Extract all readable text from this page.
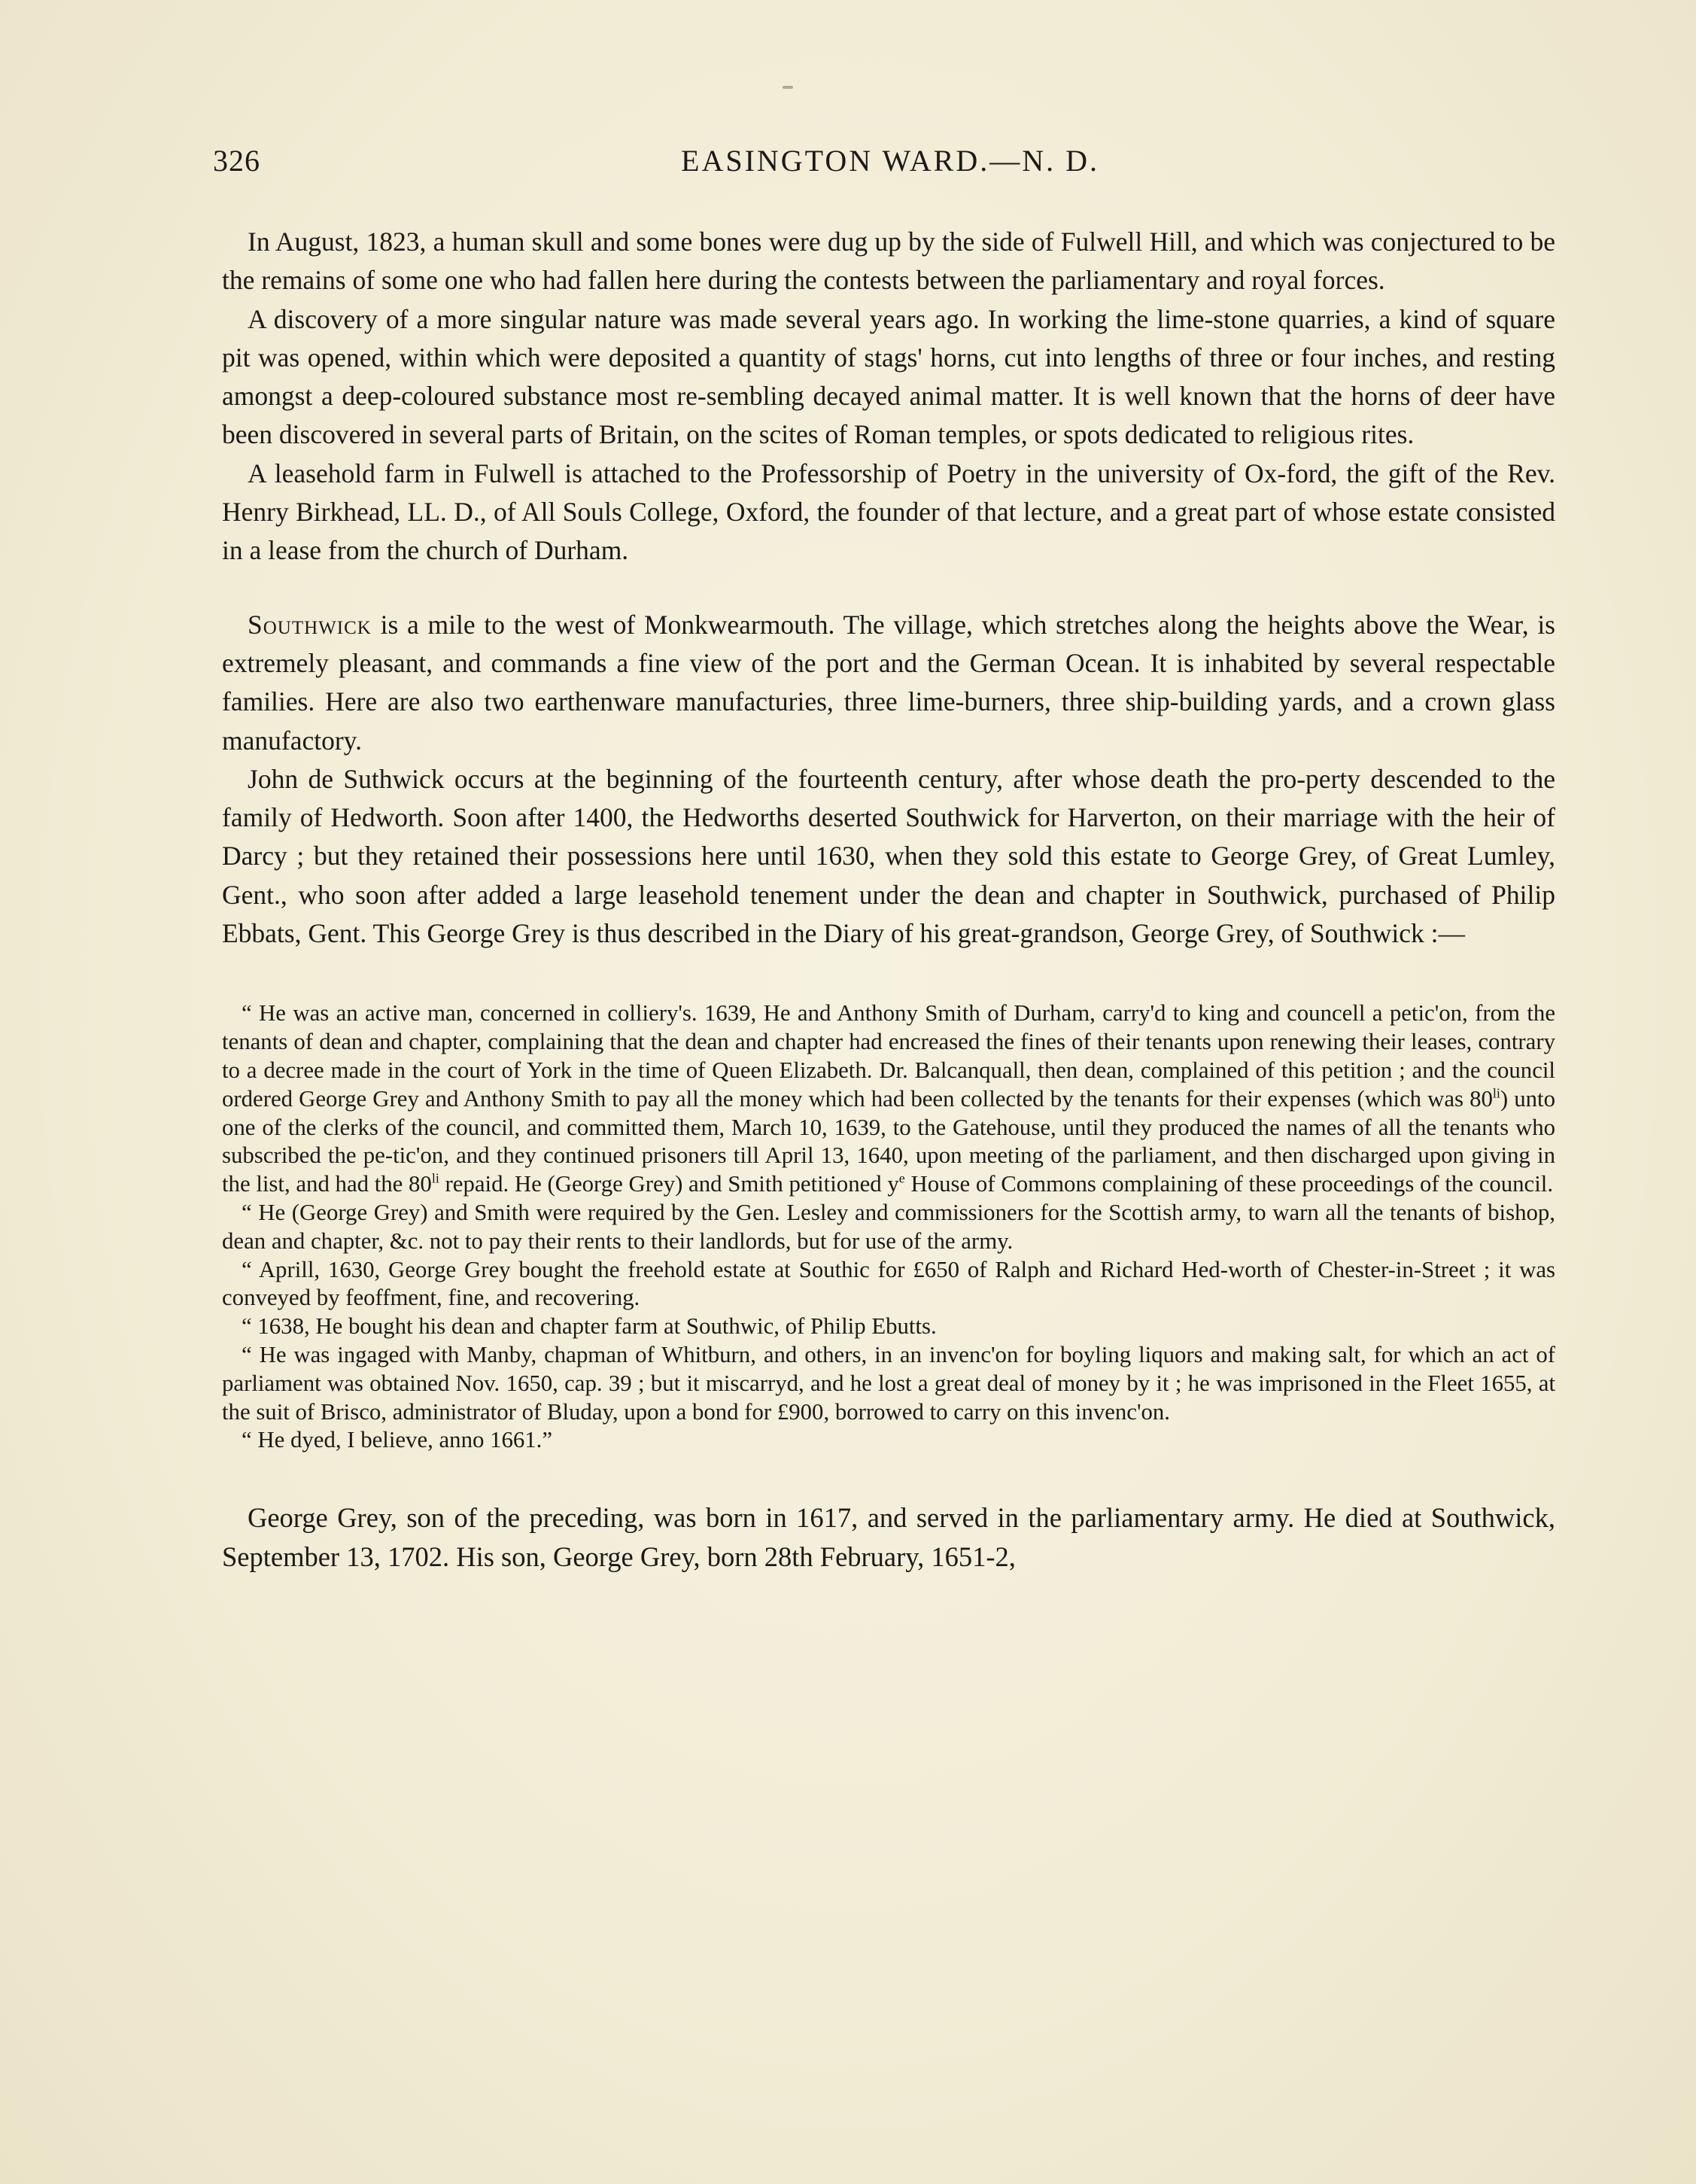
326	EASINGTON WARD.—N. D.

In August, 1823, a human skull and some bones were dug up by the side of Fulwell Hill, and which was conjectured to be the remains of some one who had fallen here during the contests between the parliamentary and royal forces.

A discovery of a more singular nature was made several years ago. In working the lime-stone quarries, a kind of square pit was opened, within which were deposited a quantity of stags' horns, cut into lengths of three or four inches, and resting amongst a deep-coloured substance most re-sembling decayed animal matter. It is well known that the horns of deer have been discovered in several parts of Britain, on the scites of Roman temples, or spots dedicated to religious rites.

A leasehold farm in Fulwell is attached to the Professorship of Poetry in the university of Ox-ford, the gift of the Rev. Henry Birkhead, LL. D., of All Souls College, Oxford, the founder of that lecture, and a great part of whose estate consisted in a lease from the church of Durham.

Southwick is a mile to the west of Monkwearmouth. The village, which stretches along the heights above the Wear, is extremely pleasant, and commands a fine view of the port and the German Ocean. It is inhabited by several respectable families. Here are also two earthenware manufacturies, three lime-burners, three ship-building yards, and a crown glass manufactory.

John de Suthwick occurs at the beginning of the fourteenth century, after whose death the pro-perty descended to the family of Hedworth. Soon after 1400, the Hedworths deserted Southwick for Harverton, on their marriage with the heir of Darcy ; but they retained their possessions here until 1630, when they sold this estate to George Grey, of Great Lumley, Gent., who soon after added a large leasehold tenement under the dean and chapter in Southwick, purchased of Philip Ebbats, Gent. This George Grey is thus described in the Diary of his great-grandson, George Grey, of Southwick :—

“ He was an active man, concerned in colliery's. 1639, He and Anthony Smith of Durham, carry'd to king and councell a petic'on, from the tenants of dean and chapter, complaining that the dean and chapter had encreased the fines of their tenants upon renewing their leases, contrary to a decree made in the court of York in the time of Queen Elizabeth. Dr. Balcanquall, then dean, complained of this petition ; and the council ordered George Grey and Anthony Smith to pay all the money which had been collected by the tenants for their expenses (which was $80^{li}$) unto one of the clerks of the council, and committed them, March 10, 1639, to the Gatehouse, until they produced the names of all the tenants who subscribed the pe-tic'on, and they continued prisoners till April 13, 1640, upon meeting of the parliament, and then discharged upon giving in the list, and had the $80^{li}$ repaid. He (George Grey) and Smith petitioned $y^e$ House of Commons complaining of these proceedings of the council.

“ He (George Grey) and Smith were required by the Gen. Lesley and commissioners for the Scottish army, to warn all the tenants of bishop, dean and chapter, &c. not to pay their rents to their landlords, but for use of the army.

“ Aprill, 1630, George Grey bought the freehold estate at Southic for £650 of Ralph and Richard Hed-worth of Chester-in-Street ; it was conveyed by feoffment, fine, and recovering.

“ 1638, He bought his dean and chapter farm at Southwic, of Philip Ebutts.

“ He was ingaged with Manby, chapman of Whitburn, and others, in an invenc'on for boyling liquors and making salt, for which an act of parliament was obtained Nov. 1650, cap. 39 ; but it miscarryd, and he lost a great deal of money by it ; he was imprisoned in the Fleet 1655, at the suit of Brisco, administrator of Bluday, upon a bond for £900, borrowed to carry on this invenc'on.

“ He dyed, I believe, anno 1661.”

George Grey, son of the preceding, was born in 1617, and served in the parliamentary army. He died at Southwick, September 13, 1702. His son, George Grey, born 28th February, 1651-2,
